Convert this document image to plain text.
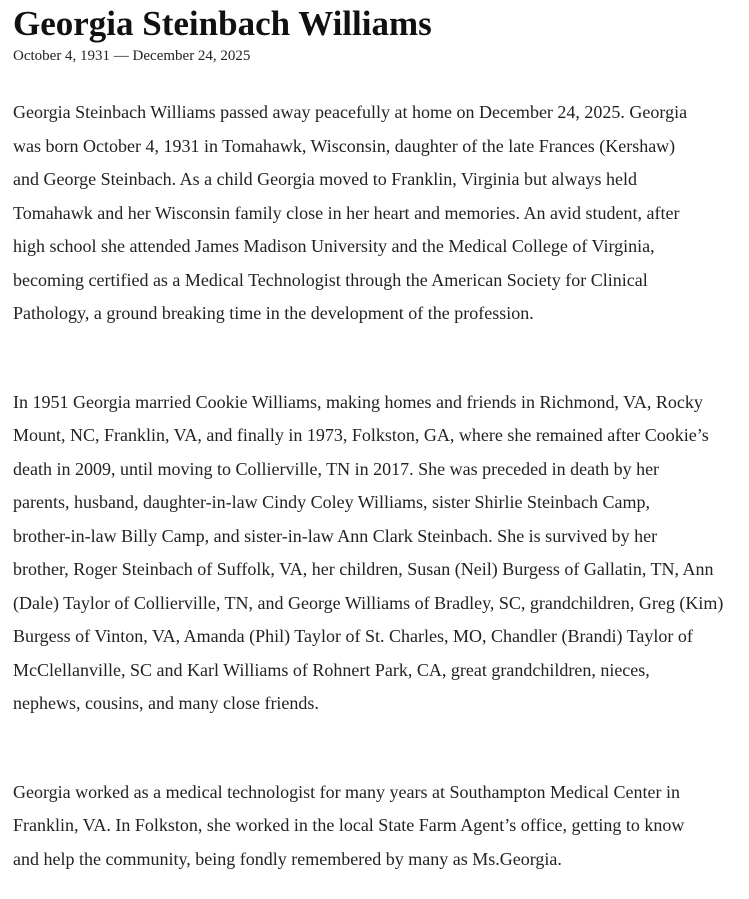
Georgia Steinbach Williams
October 4, 1931 — December 24, 2025

Georgia Steinbach Williams passed away peacefully at home on December 24, 2025. Georgia
was born October 4, 1931 in Tomahawk, Wisconsin, daughter of the late Frances (Kershaw)
and George Steinbach. As a child Georgia moved to Franklin, Virginia but always held
Tomahawk and her Wisconsin family close in her heart and memories. An avid student, after
high school she attended James Madison University and the Medical College of Virginia,
becoming certified as a Medical Technologist through the American Society for Clinical
Pathology, a ground breaking time in the development of the profession.

In 1951 Georgia married Cookie Williams, making homes and friends in Richmond, VA, Rocky
Mount, NC, Franklin, VA, and finally in 1973, Folkston, GA, where she remained after Cookie’s
death in 2009, until moving to Collierville, TN in 2017. She was preceded in death by her
parents, husband, daughter-in-law Cindy Coley Williams, sister Shirlie Steinbach Camp,
brother-in-law Billy Camp, and sister-in-law Ann Clark Steinbach. She is survived by her
brother, Roger Steinbach of Suffolk, VA, her children, Susan (Neil) Burgess of Gallatin, TN, Ann
(Dale) Taylor of Collierville, TN, and George Williams of Bradley, SC, grandchildren, Greg (Kim)
Burgess of Vinton, VA, Amanda (Phil) Taylor of St. Charles, MO, Chandler (Brandi) Taylor of
McClellanville, SC and Karl Williams of Rohnert Park, CA, great grandchildren, nieces,
nephews, cousins, and many close friends.

Georgia worked as a medical technologist for many years at Southampton Medical Center in
Franklin, VA. In Folkston, she worked in the local State Farm Agent’s office, getting to know
and help the community, being fondly remembered by many as Ms.Georgia.
